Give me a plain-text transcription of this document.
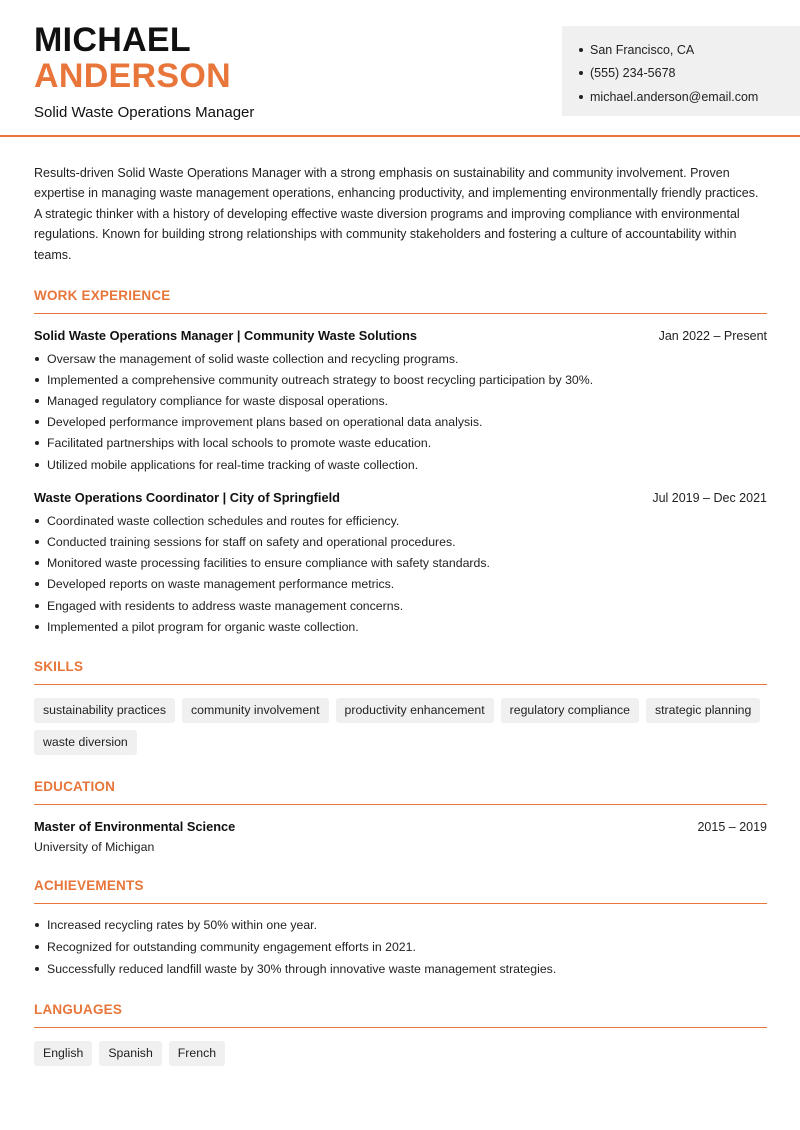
MICHAEL
ANDERSON
Solid Waste Operations Manager
San Francisco, CA
(555) 234-5678
michael.anderson@email.com

Results-driven Solid Waste Operations Manager with a strong emphasis on sustainability and community involvement. Proven expertise in managing waste management operations, enhancing productivity, and implementing environmentally friendly practices. A strategic thinker with a history of developing effective waste diversion programs and improving compliance with environmental regulations. Known for building strong relationships with community stakeholders and fostering a culture of accountability within teams.

WORK EXPERIENCE
Solid Waste Operations Manager | Community Waste Solutions	Jan 2022 – Present
Oversaw the management of solid waste collection and recycling programs.
Implemented a comprehensive community outreach strategy to boost recycling participation by 30%.
Managed regulatory compliance for waste disposal operations.
Developed performance improvement plans based on operational data analysis.
Facilitated partnerships with local schools to promote waste education.
Utilized mobile applications for real-time tracking of waste collection.
Waste Operations Coordinator | City of Springfield	Jul 2019 – Dec 2021
Coordinated waste collection schedules and routes for efficiency.
Conducted training sessions for staff on safety and operational procedures.
Monitored waste processing facilities to ensure compliance with safety standards.
Developed reports on waste management performance metrics.
Engaged with residents to address waste management concerns.
Implemented a pilot program for organic waste collection.
SKILLS
sustainability practices	community involvement	productivity enhancement	regulatory compliance	strategic planning
waste diversion
EDUCATION
Master of Environmental Science	2015 – 2019
University of Michigan
ACHIEVEMENTS
Increased recycling rates by 50% within one year.
Recognized for outstanding community engagement efforts in 2021.
Successfully reduced landfill waste by 30% through innovative waste management strategies.
LANGUAGES
English	Spanish	French
